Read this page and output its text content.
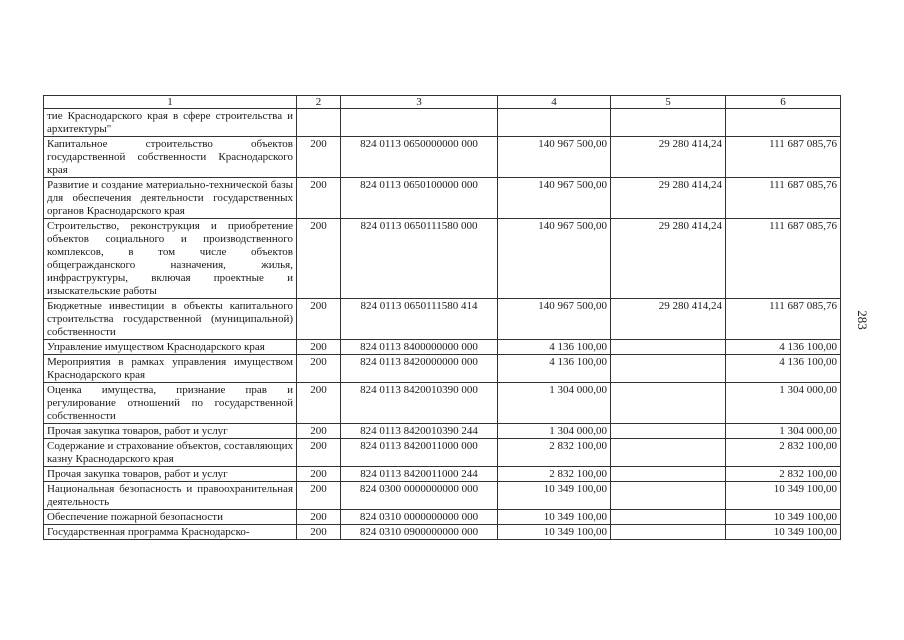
283
1	2	3	4	5	6
тие Краснодарского края в сфере строительства и архитектуры"					
Капитальное строительство объектов государственной собственности Краснодарского края	200	824 0113 0650000000 000	140 967 500,00	29 280 414,24	111 687 085,76
Развитие и создание материально-технической базы для обеспечения деятельности государственных органов Краснодарского края	200	824 0113 0650100000 000	140 967 500,00	29 280 414,24	111 687 085,76
Строительство, реконструкция и приобретение объектов социального и производственного комплексов, в том числе объектов общегражданского назначения, жилья, инфраструктуры, включая проектные и изыскательские работы	200	824 0113 0650111580 000	140 967 500,00	29 280 414,24	111 687 085,76
Бюджетные инвестиции в объекты капитального строительства государственной (муниципальной) собственности	200	824 0113 0650111580 414	140 967 500,00	29 280 414,24	111 687 085,76
Управление имуществом Краснодарского края	200	824 0113 8400000000 000	4 136 100,00		4 136 100,00
Мероприятия в рамках управления имуществом Краснодарского края	200	824 0113 8420000000 000	4 136 100,00		4 136 100,00
Оценка имущества, признание прав и регулирование отношений по государственной собственности	200	824 0113 8420010390 000	1 304 000,00		1 304 000,00
Прочая закупка товаров, работ и услуг	200	824 0113 8420010390 244	1 304 000,00		1 304 000,00
Содержание и страхование объектов, составляющих казну Краснодарского края	200	824 0113 8420011000 000	2 832 100,00		2 832 100,00
Прочая закупка товаров, работ и услуг	200	824 0113 8420011000 244	2 832 100,00		2 832 100,00
Национальная безопасность и правоохранительная деятельность	200	824 0300 0000000000 000	10 349 100,00		10 349 100,00
Обеспечение пожарной безопасности	200	824 0310 0000000000 000	10 349 100,00		10 349 100,00
Государственная программа Краснодарско-	200	824 0310 0900000000 000	10 349 100,00		10 349 100,00
